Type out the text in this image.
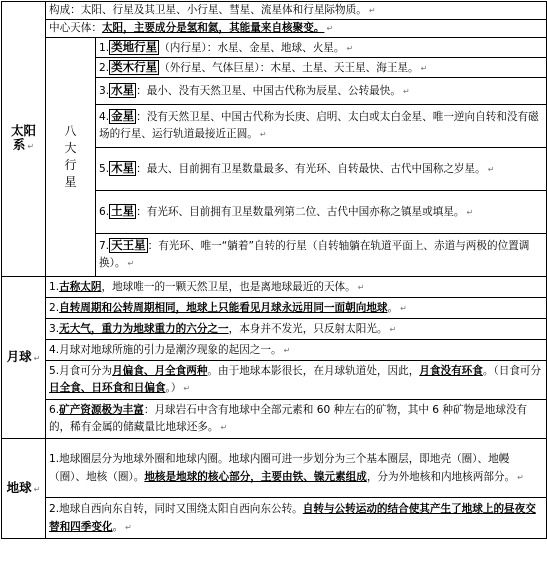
太阳系 ↵	构成：太阳、行星及其卫星、小行星、彗星、流星体和行星际物质。 ↵	
	中心天体：太阳，主要成分是氢和氦，其能量来自核聚变。 ↵	

	八大行星	1. 类地行星 （内行星）：水星、金星、地球、火星。 ↵
		2. 类木行星 （外行星、气体巨星）：木星、土星、天王星、海王星。 ↵
		3. 水星 ：最小、没有天然卫星、中国古代称为辰星、公转最快。 ↵
		4. 金星 ：没有天然卫星、中国古代称为长庚、启明、太白或太白金星、唯一逆向自转和没有磁场的行星、运行轨道最接近正圆。 ↵
		5. 木星 ：最大、目前拥有卫星数量最多、有光环、自转最快、古代中国称之岁星。 ↵
		6. 土星 ：有光环、目前拥有卫星数量列第二位、古代中国亦称之镇星或填星。 ↵
		7. 天王星 ：有光环、唯一“躺着”自转的行星（自转轴躺在轨道平面上、赤道与两极的位置调换）。 ↵
月球 ↵	1.古称太阴，地球唯一的一颗天然卫星，也是离地球最近的天体。 ↵	
	2.自转周期和公转周期相同，地球上只能看见月球永远用同一面朝向地球。 ↵	
	3.无大气，重力为地球重力的六分之一，本身并不发光，只反射太阳光。 ↵	
	4.月球对地球所施的引力是潮汐现象的起因之一。 ↵	
	5.月食可分为月偏食、月全食两种。由于地球本影很长，在月球轨道处，因此，月食没有环食。（日食可分日全食、日环食和日偏食。） ↵	
	6.矿产资源极为丰富：月球岩石中含有地球中全部元素和 60 种左右的矿物，其中 6 种矿物是地球没有的，稀有金属的储藏量比地球还多。 ↵	
地球 ↵	1.地球圈层分为地球外圈和地球内圈。地球内圈可进一步划分为三个基本圈层，即地壳（圈）、地幔（圈）、地核（圈）。地核是地球的核心部分，主要由铁、镍元素组成，分为外地核和内地核两部分。 ↵	
	2.地球自西向东自转，同时又围绕太阳自西向东公转。自转与公转运动的结合使其产生了地球上的昼夜交替和四季变化。 ↵	
